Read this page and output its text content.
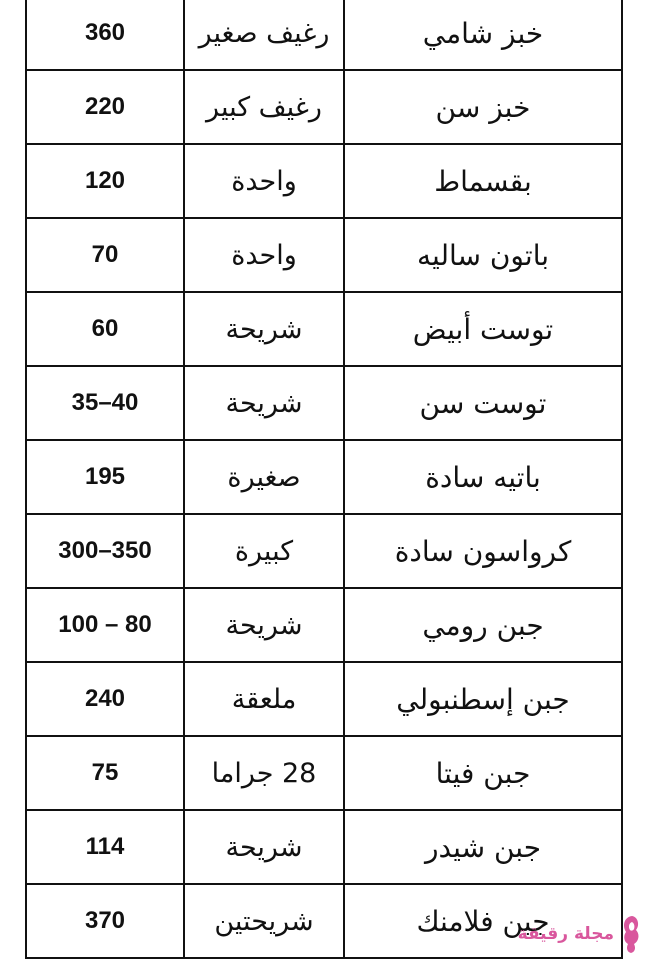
360	رغيف صغير	خبز شامي
220	رغيف كبير	خبز سن
120	واحدة	بقسماط
70	واحدة	باتون ساليه
60	شريحة	توست أبيض
35–40	شريحة	توست سن
195	صغيرة	باتيه سادة
300–350	كبيرة	كرواسون سادة
100 – 80	شريحة	جبن رومي
240	ملعقة	جبن إسطنبولي
75	28 جراما	جبن فيتا
114	شريحة	جبن شيدر
370	شريحتين	جبن فلامنك
مجلة رقيقة
